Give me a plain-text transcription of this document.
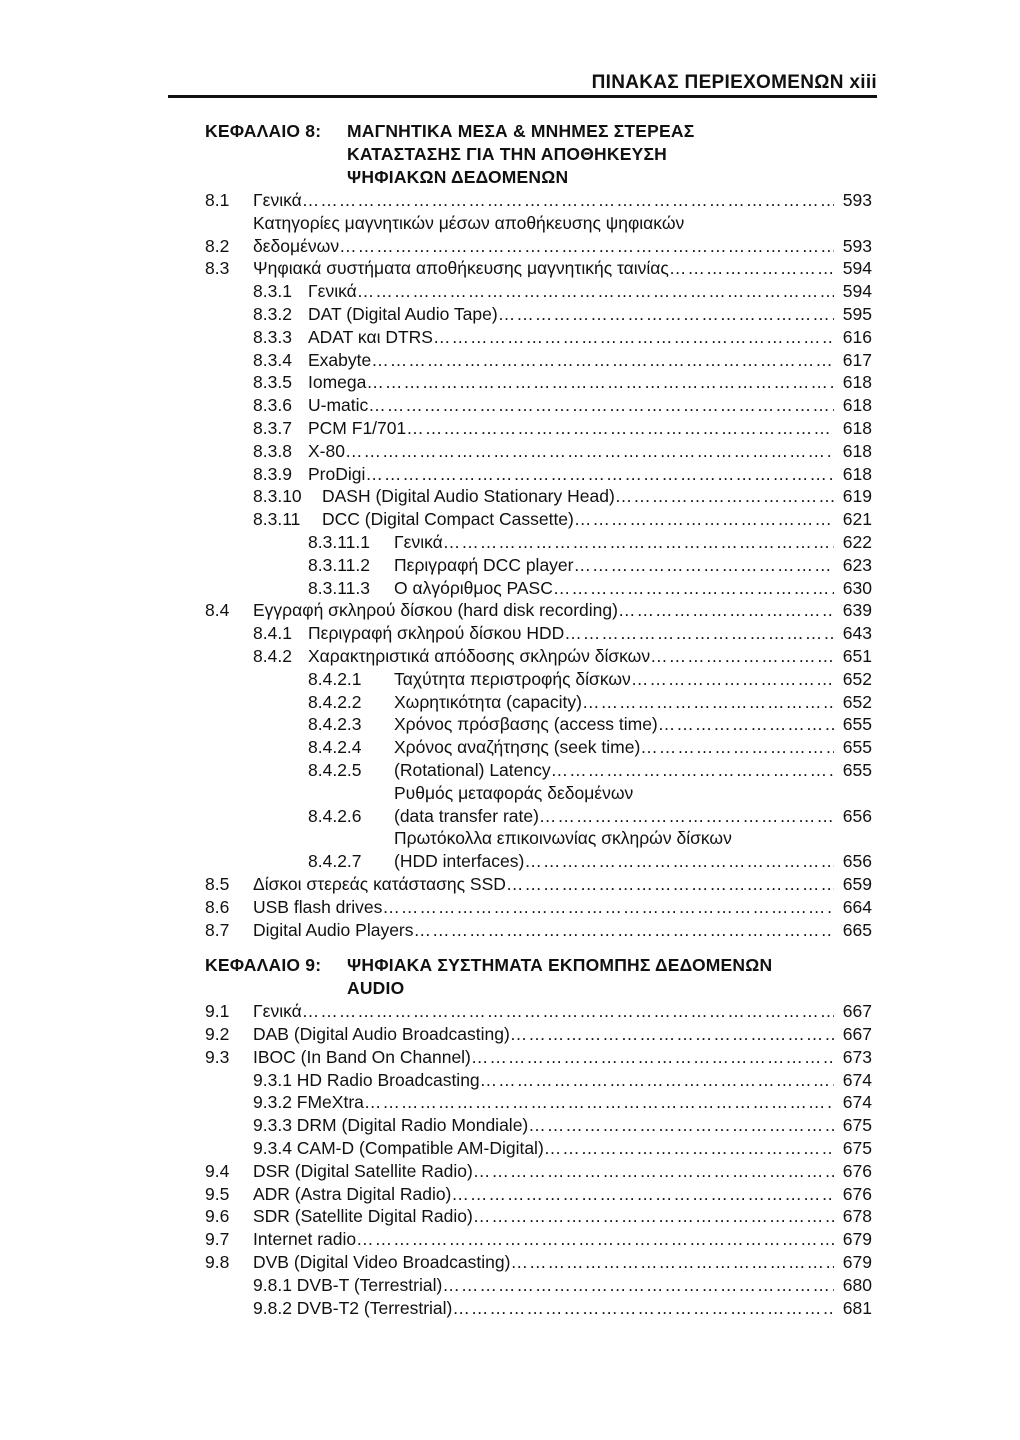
ΠΙΝΑΚΑΣ ΠΕΡΙΕΧΟΜΕΝΩΝ xiii
ΚΕΦΑΛΑΙΟ 8:	ΜΑΓΝΗΤΙΚΑ ΜΕΣΑ & ΜΝΗΜΕΣ ΣΤΕΡΕΑΣ
ΚΑΤΑΣΤΑΣΗΣ ΓΙΑ ΤΗΝ ΑΠΟΘΗΚΕΥΣΗ
ΨΗΦΙΑΚΩΝ ΔΕΔΟΜΕΝΩΝ
8.1	Γενικά ……………………………………………………………………………………………………………………………………	593
8.2
Κατηγορίες μαγνητικών μέσων αποθήκευσης ψηφιακών
δεδομένων ……………………………………………………………………………………………………………………………………	593
8.3	Ψηφιακά συστήματα αποθήκευσης μαγνητικής ταινίας ……………………………………………………………………………………………………………………………………	594
8.3.1 Γενικά ……………………………………………………………………………………………………………………………………	594
8.3.2 DAT (Digital Audio Tape) ……………………………………………………………………………………………………………………………………	595
8.3.3 ADAT και DTRS ……………………………………………………………………………………………………………………………………	616
8.3.4 Exabyte ……………………………………………………………………………………………………………………………………	617
8.3.5 Iomega ……………………………………………………………………………………………………………………………………	618
8.3.6 U-matic ……………………………………………………………………………………………………………………………………	618
8.3.7 PCM F1/701 ……………………………………………………………………………………………………………………………………	618
8.3.8 X-80 ……………………………………………………………………………………………………………………………………	618
8.3.9 ProDigi ……………………………………………………………………………………………………………………………………	618
8.3.10	DASH (Digital Audio Stationary Head) ……………………………………………………………………………………………………………………………………	619
8.3.11	DCC (Digital Compact Cassette) ……………………………………………………………………………………………………………………………………	621
8.3.11.1	Γενικά ……………………………………………………………………………………………………………………………………	622
8.3.11.2	Περιγραφή DCC player ……………………………………………………………………………………………………………………………………	623
8.3.11.3	O αλγόριθμος PASC ……………………………………………………………………………………………………………………………………	630
8.4	Εγγραφή σκληρού δίσκου (hard disk recording) ……………………………………………………………………………………………………………………………………	639
8.4.1 Περιγραφή σκληρού δίσκου HDD ……………………………………………………………………………………………………………………………………	643
8.4.2 Χαρακτηριστικά απόδοσης σκληρών δίσκων ……………………………………………………………………………………………………………………………………	651
8.4.2.1	Ταχύτητα περιστροφής δίσκων ……………………………………………………………………………………………………………………………………	652
8.4.2.2	Χωρητικότητα (capacity) ……………………………………………………………………………………………………………………………………	652
8.4.2.3	Χρόνος πρόσβασης (access time) ……………………………………………………………………………………………………………………………………	655
8.4.2.4	Χρόνος αναζήτησης (seek time) ……………………………………………………………………………………………………………………………………	655
8.4.2.5	(Rotational) Latency ……………………………………………………………………………………………………………………………………	655
8.4.2.6
Ρυθμός μεταφοράς δεδομένων
(data transfer rate) ……………………………………………………………………………………………………………………………………	656
8.4.2.7
Πρωτόκολλα επικοινωνίας σκληρών δίσκων
(HDD interfaces) ……………………………………………………………………………………………………………………………………	656
8.5	Δίσκοι στερεάς κατάστασης SSD ……………………………………………………………………………………………………………………………………	659
8.6	USB flash drives ……………………………………………………………………………………………………………………………………	664
8.7	Digital Audio Players ……………………………………………………………………………………………………………………………………	665
ΚΕΦΑΛΑΙΟ 9:	ΨΗΦΙΑΚΑ ΣΥΣΤΗΜΑΤΑ ΕΚΠΟΜΠΗΣ ΔΕΔΟΜΕΝΩΝ
AUDIO
9.1	Γενικά ……………………………………………………………………………………………………………………………………	667
9.2	DAB (Digital Audio Broadcasting) ……………………………………………………………………………………………………………………………………	667
9.3	IBOC (In Band On Channel) ……………………………………………………………………………………………………………………………………	673
9.3.1 HD Radio Broadcasting ……………………………………………………………………………………………………………………………………	674
9.3.2 FMeXtra ……………………………………………………………………………………………………………………………………	674
9.3.3 DRM (Digital Radio Mondiale) ……………………………………………………………………………………………………………………………………	675
9.3.4 CAM-D (Compatible AM-Digital) ……………………………………………………………………………………………………………………………………	675
9.4	DSR (Digital Satellite Radio) ……………………………………………………………………………………………………………………………………	676
9.5	ADR (Astra Digital Radio) ……………………………………………………………………………………………………………………………………	676
9.6	SDR (Satellite Digital Radio) ……………………………………………………………………………………………………………………………………	678
9.7	Internet radio ……………………………………………………………………………………………………………………………………	679
9.8	DVB (Digital Video Broadcasting) ……………………………………………………………………………………………………………………………………	679
9.8.1 DVB-T (Terrestrial) ……………………………………………………………………………………………………………………………………	680
9.8.2 DVB-T2 (Terrestrial) ……………………………………………………………………………………………………………………………………	681
